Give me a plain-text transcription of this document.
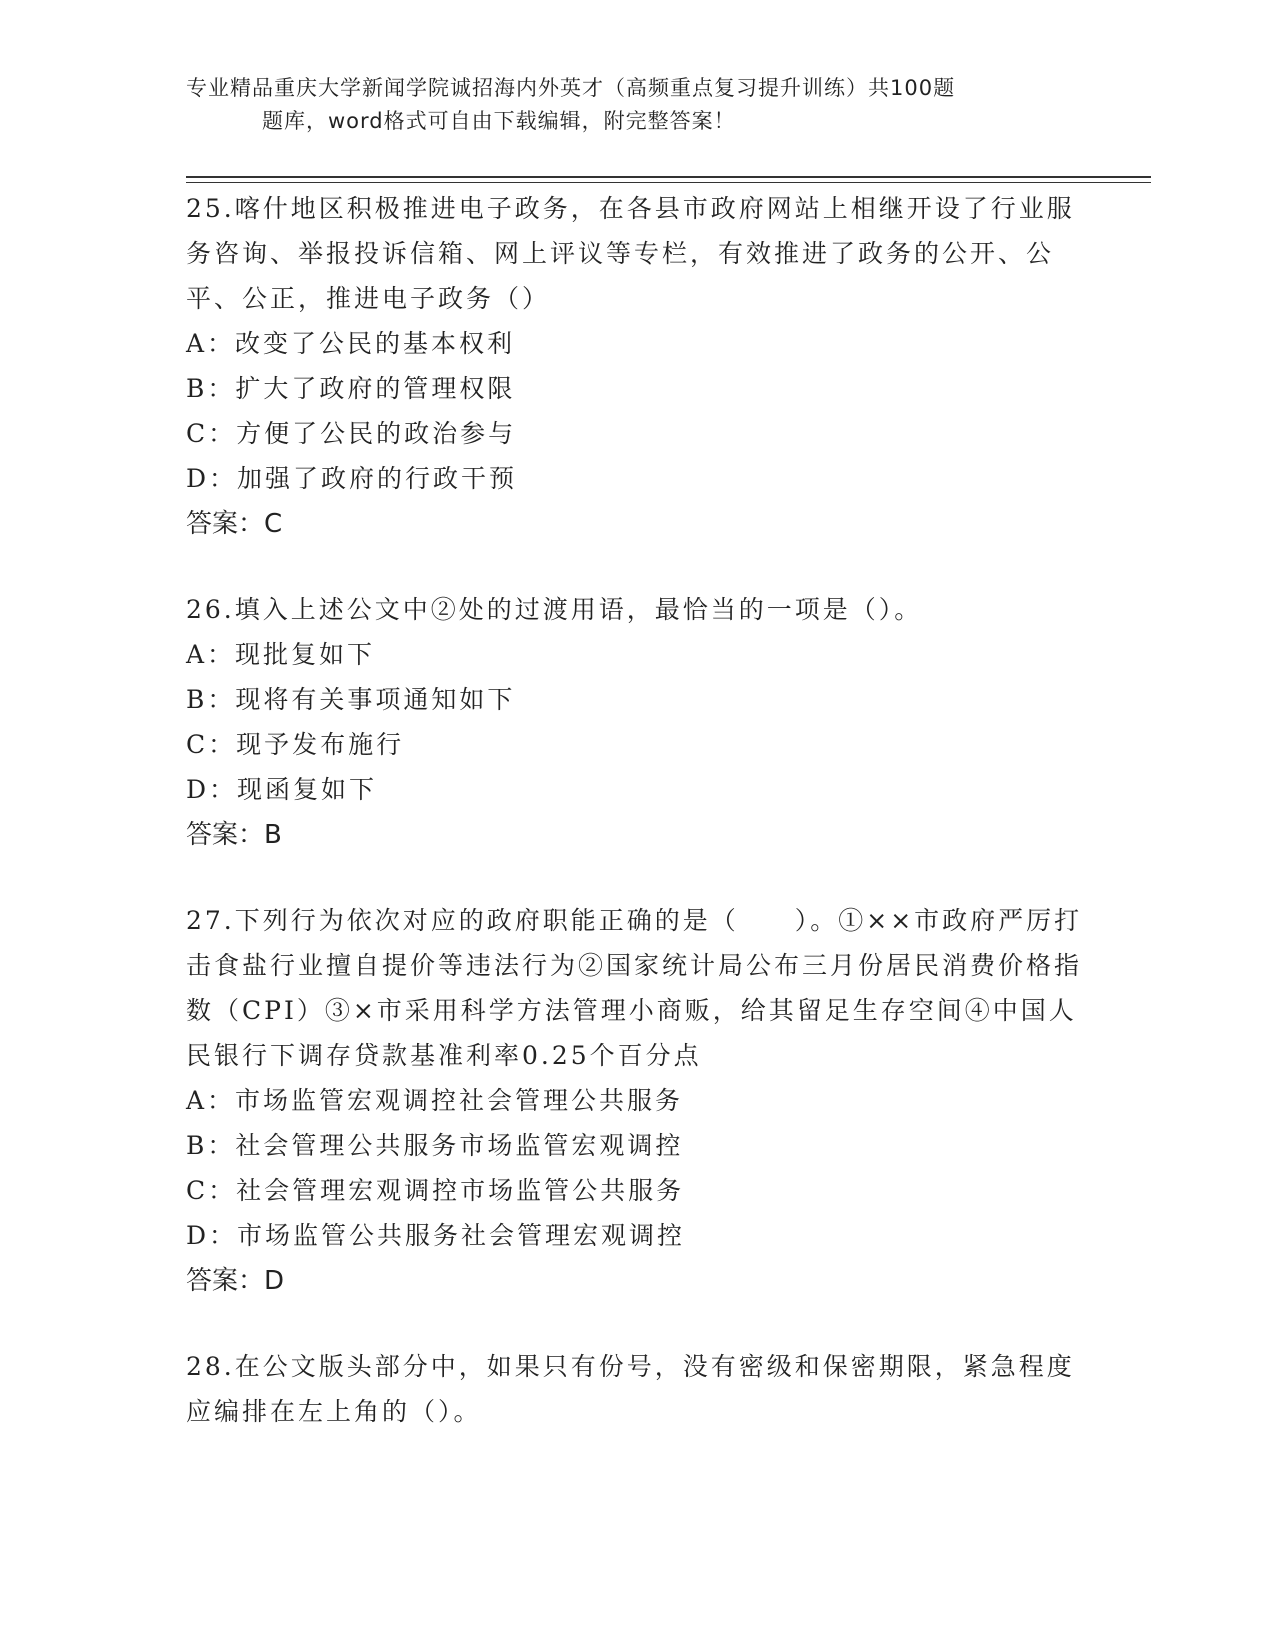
专业精品重庆大学新闻学院诚招海内外英才（高频重点复习提升训练）共100题
题库，word格式可自由下载编辑，附完整答案！

25.喀什地区积极推进电子政务，在各县市政府网站上相继开设了行业服务咨询、举报投诉信箱、网上评议等专栏，有效推进了政务的公开、公平、公正，推进电子政务（）

A：改变了公民的基本权利

B：扩大了政府的管理权限

C：方便了公民的政治参与

D：加强了政府的行政干预

答案：C

26.填入上述公文中②处的过渡用语，最恰当的一项是（）。

A：现批复如下

B：现将有关事项通知如下

C：现予发布施行

D：现函复如下

答案：B

27.下列行为依次对应的政府职能正确的是（　　）。①××市政府严厉打击食盐行业擅自提价等违法行为②国家统计局公布三月份居民消费价格指数（CPI）③×市采用科学方法管理小商贩，给其留足生存空间④中国人民银行下调存贷款基准利率0.25个百分点

A：市场监管宏观调控社会管理公共服务

B：社会管理公共服务市场监管宏观调控

C：社会管理宏观调控市场监管公共服务

D：市场监管公共服务社会管理宏观调控

答案：D

28.在公文版头部分中，如果只有份号，没有密级和保密期限，紧急程度应编排在左上角的（）。
